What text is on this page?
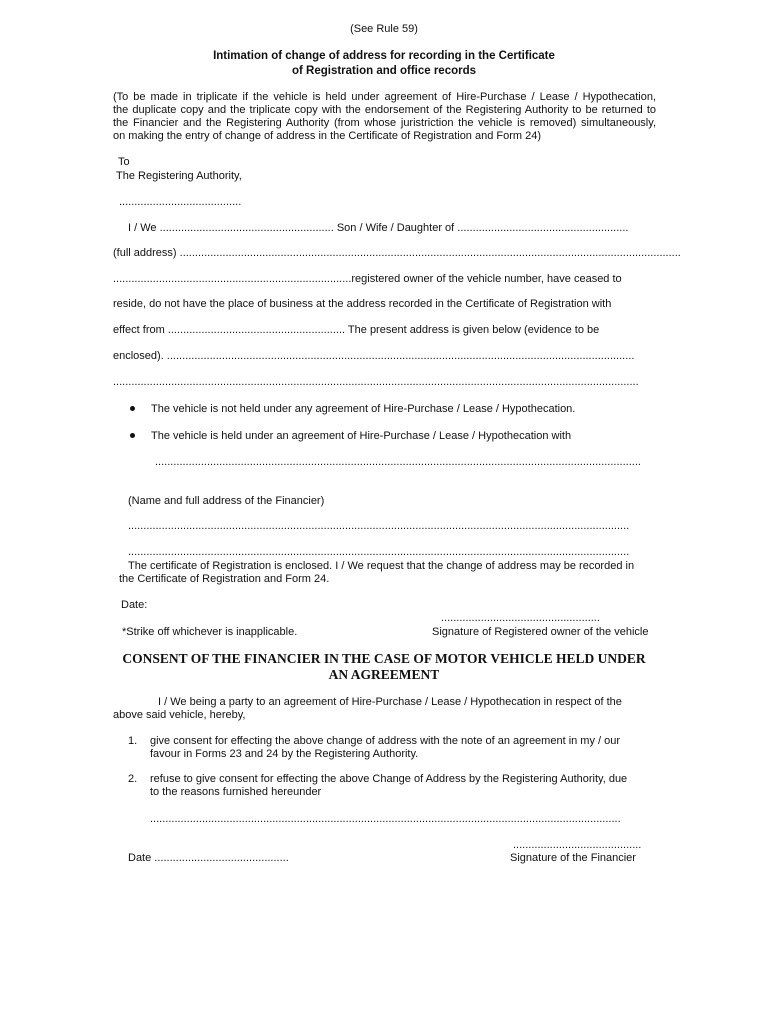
(See Rule 59)
Intimation of change of address for recording in the Certificate
of Registration and office records
(To be made in triplicate if the vehicle is held under agreement of Hire-Purchase / Lease / Hypothecation,
the duplicate copy and the triplicate copy with the endorsement of the Registering Authority to be returned to
the Financier and the Registering Authority (from whose juristriction the vehicle is removed) simultaneously,
on making the entry of change of address in the Certificate of Registration and Form 24)
To
The Registering Authority,
........................................
I / We ......................................................... Son / Wife / Daughter of ........................................................
(full address) ....................................................................................................................................................................
..............................................................................registered owner of the vehicle number, have ceased to
reside, do not have the place of business at the address recorded in the Certificate of Registration with
effect from .......................................................... The present address is given below (evidence to be
enclosed). .........................................................................................................................................................
............................................................................................................................................................................
The vehicle is not held under any agreement of Hire-Purchase / Lease / Hypothecation.
The vehicle is held under an agreement of Hire-Purchase / Lease / Hypothecation with
...............................................................................................................................................................
(Name and full address of the Financier)
....................................................................................................................................................................
....................................................................................................................................................................
The certificate of Registration is enclosed. I / We request that the change of address may be recorded in
the Certificate of Registration and Form 24.
Date:
....................................................
*Strike off whichever is inapplicable.	Signature of Registered owner of the vehicle
CONSENT OF THE FINANCIER IN THE CASE OF MOTOR VEHICLE HELD UNDER
AN AGREEMENT
I / We being a party to an agreement of Hire-Purchase / Lease / Hypothecation in respect of the
above said vehicle, hereby,
1. give consent for effecting the above change of address with the note of an agreement in my / our
favour in Forms 23 and 24 by the Registering Authority.
2. refuse to give consent for effecting the above Change of Address by the Registering Authority, due
to the reasons furnished hereunder
..........................................................................................................................................................
..........................................
Date ............................................	Signature of the Financier
